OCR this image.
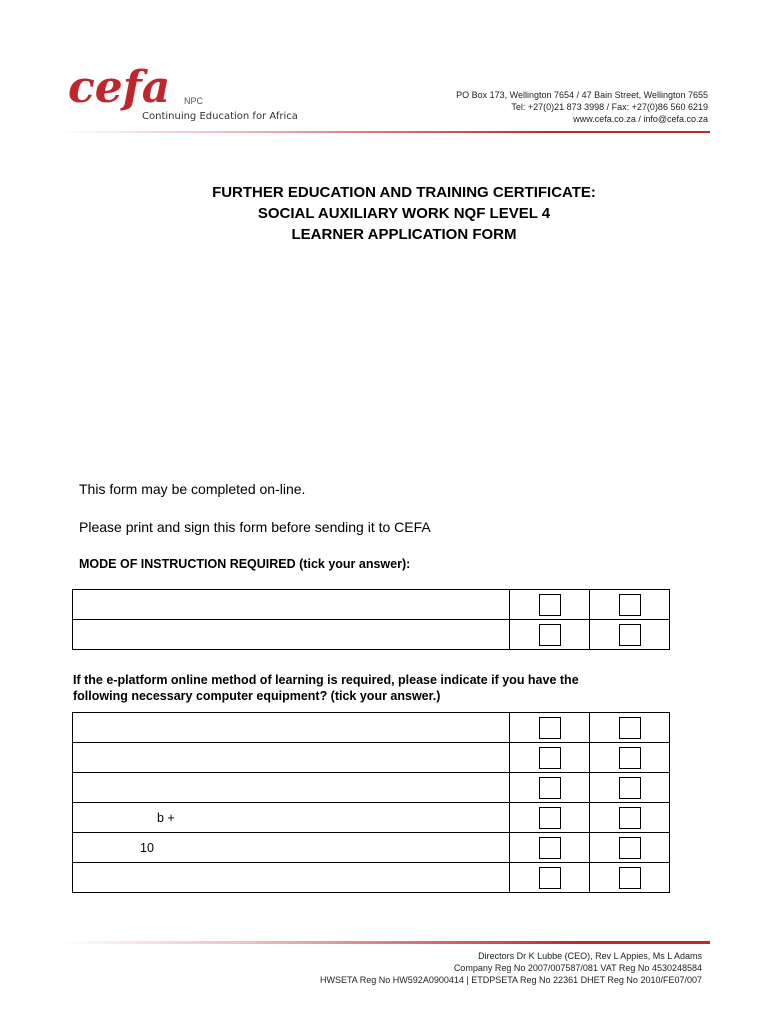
cefa NPC
Continuing Education for Africa
PO Box 173, Wellington 7654 / 47 Bain Street, Wellington 7655
Tel: +27(0)21 873 3998 / Fax: +27(0)86 560 6219
www.cefa.co.za / info@cefa.co.za
FURTHER EDUCATION AND TRAINING CERTIFICATE:
SOCIAL AUXILIARY WORK NQF LEVEL 4
LEARNER APPLICATION FORM
This form may be completed on-line.
Please print and sign this form before sending it to CEFA
MODE OF INSTRUCTION REQUIRED (tick your answer):

If the e-platform online method of learning is required, please indicate if you have the
following necessary computer equipment? (tick your answer.)

b +		
10		

Directors Dr K Lubbe (CEO), Rev L Appies, Ms L Adams
Company Reg No 2007/007587/081 VAT Reg No 4530248584
HWSETA Reg No HW592A0900414 | ETDPSETA Reg No 22361 DHET Reg No 2010/FE07/007
